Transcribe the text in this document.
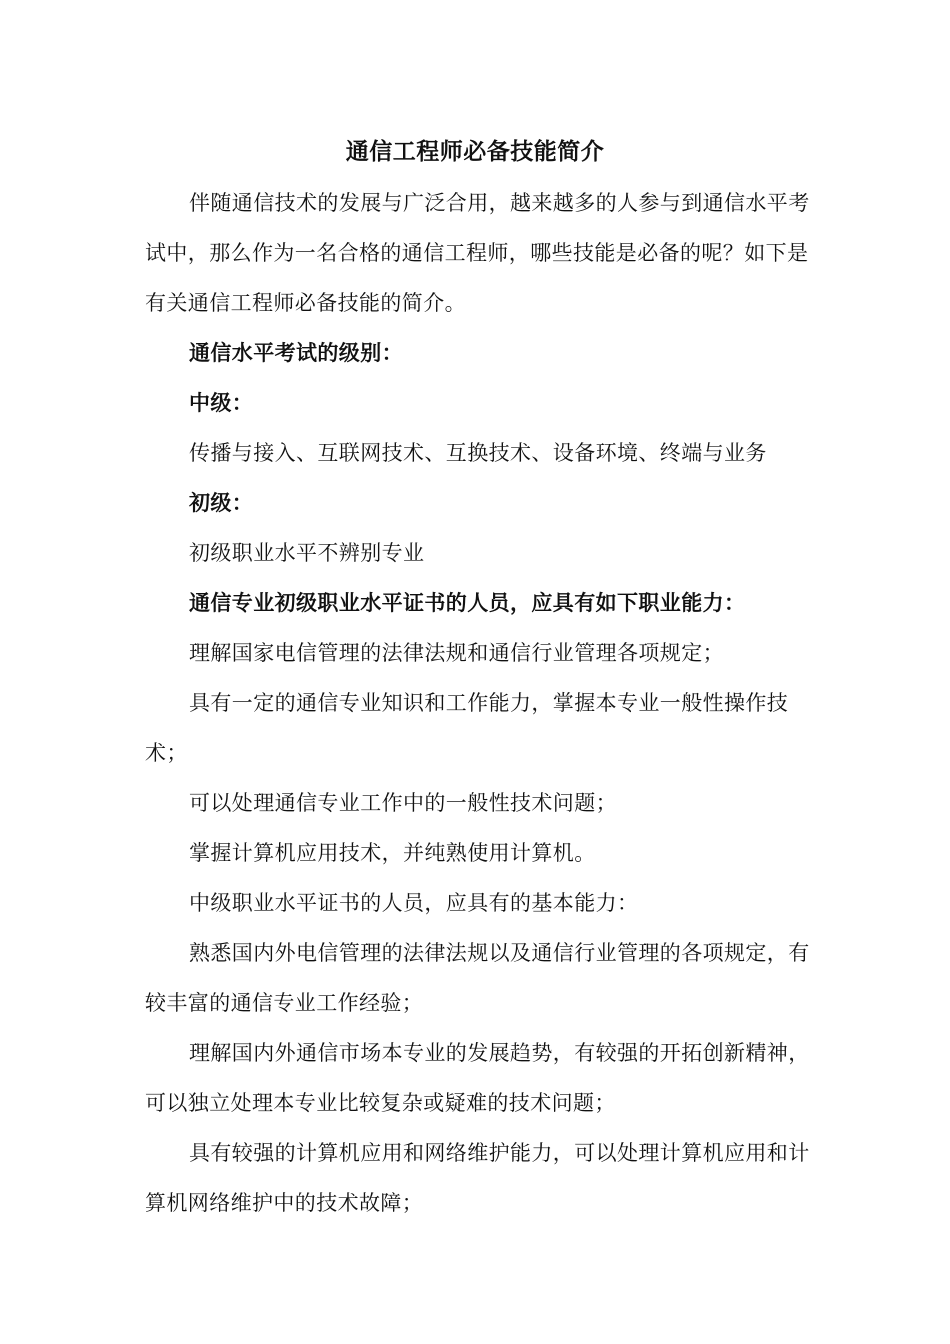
通信工程师必备技能简介

伴随通信技术的发展与广泛合用，越来越多的人参与到通信水平考试中，那么作为一名合格的通信工程师，哪些技能是必备的呢？如下是有关通信工程师必备技能的简介。

通信水平考试的级别：

中级：

传播与接入、互联网技术、互换技术、设备环境、终端与业务

初级：

初级职业水平不辨别专业

通信专业初级职业水平证书的人员，应具有如下职业能力：

理解国家电信管理的法律法规和通信行业管理各项规定；

具有一定的通信专业知识和工作能力，掌握本专业一般性操作技术；

可以处理通信专业工作中的一般性技术问题；

掌握计算机应用技术，并纯熟使用计算机。

中级职业水平证书的人员，应具有的基本能力：

熟悉国内外电信管理的法律法规以及通信行业管理的各项规定，有较丰富的通信专业工作经验；

理解国内外通信市场本专业的发展趋势，有较强的开拓创新精神，可以独立处理本专业比较复杂或疑难的技术问题；

具有较强的计算机应用和网络维护能力，可以处理计算机应用和计算机网络维护中的技术故障；
